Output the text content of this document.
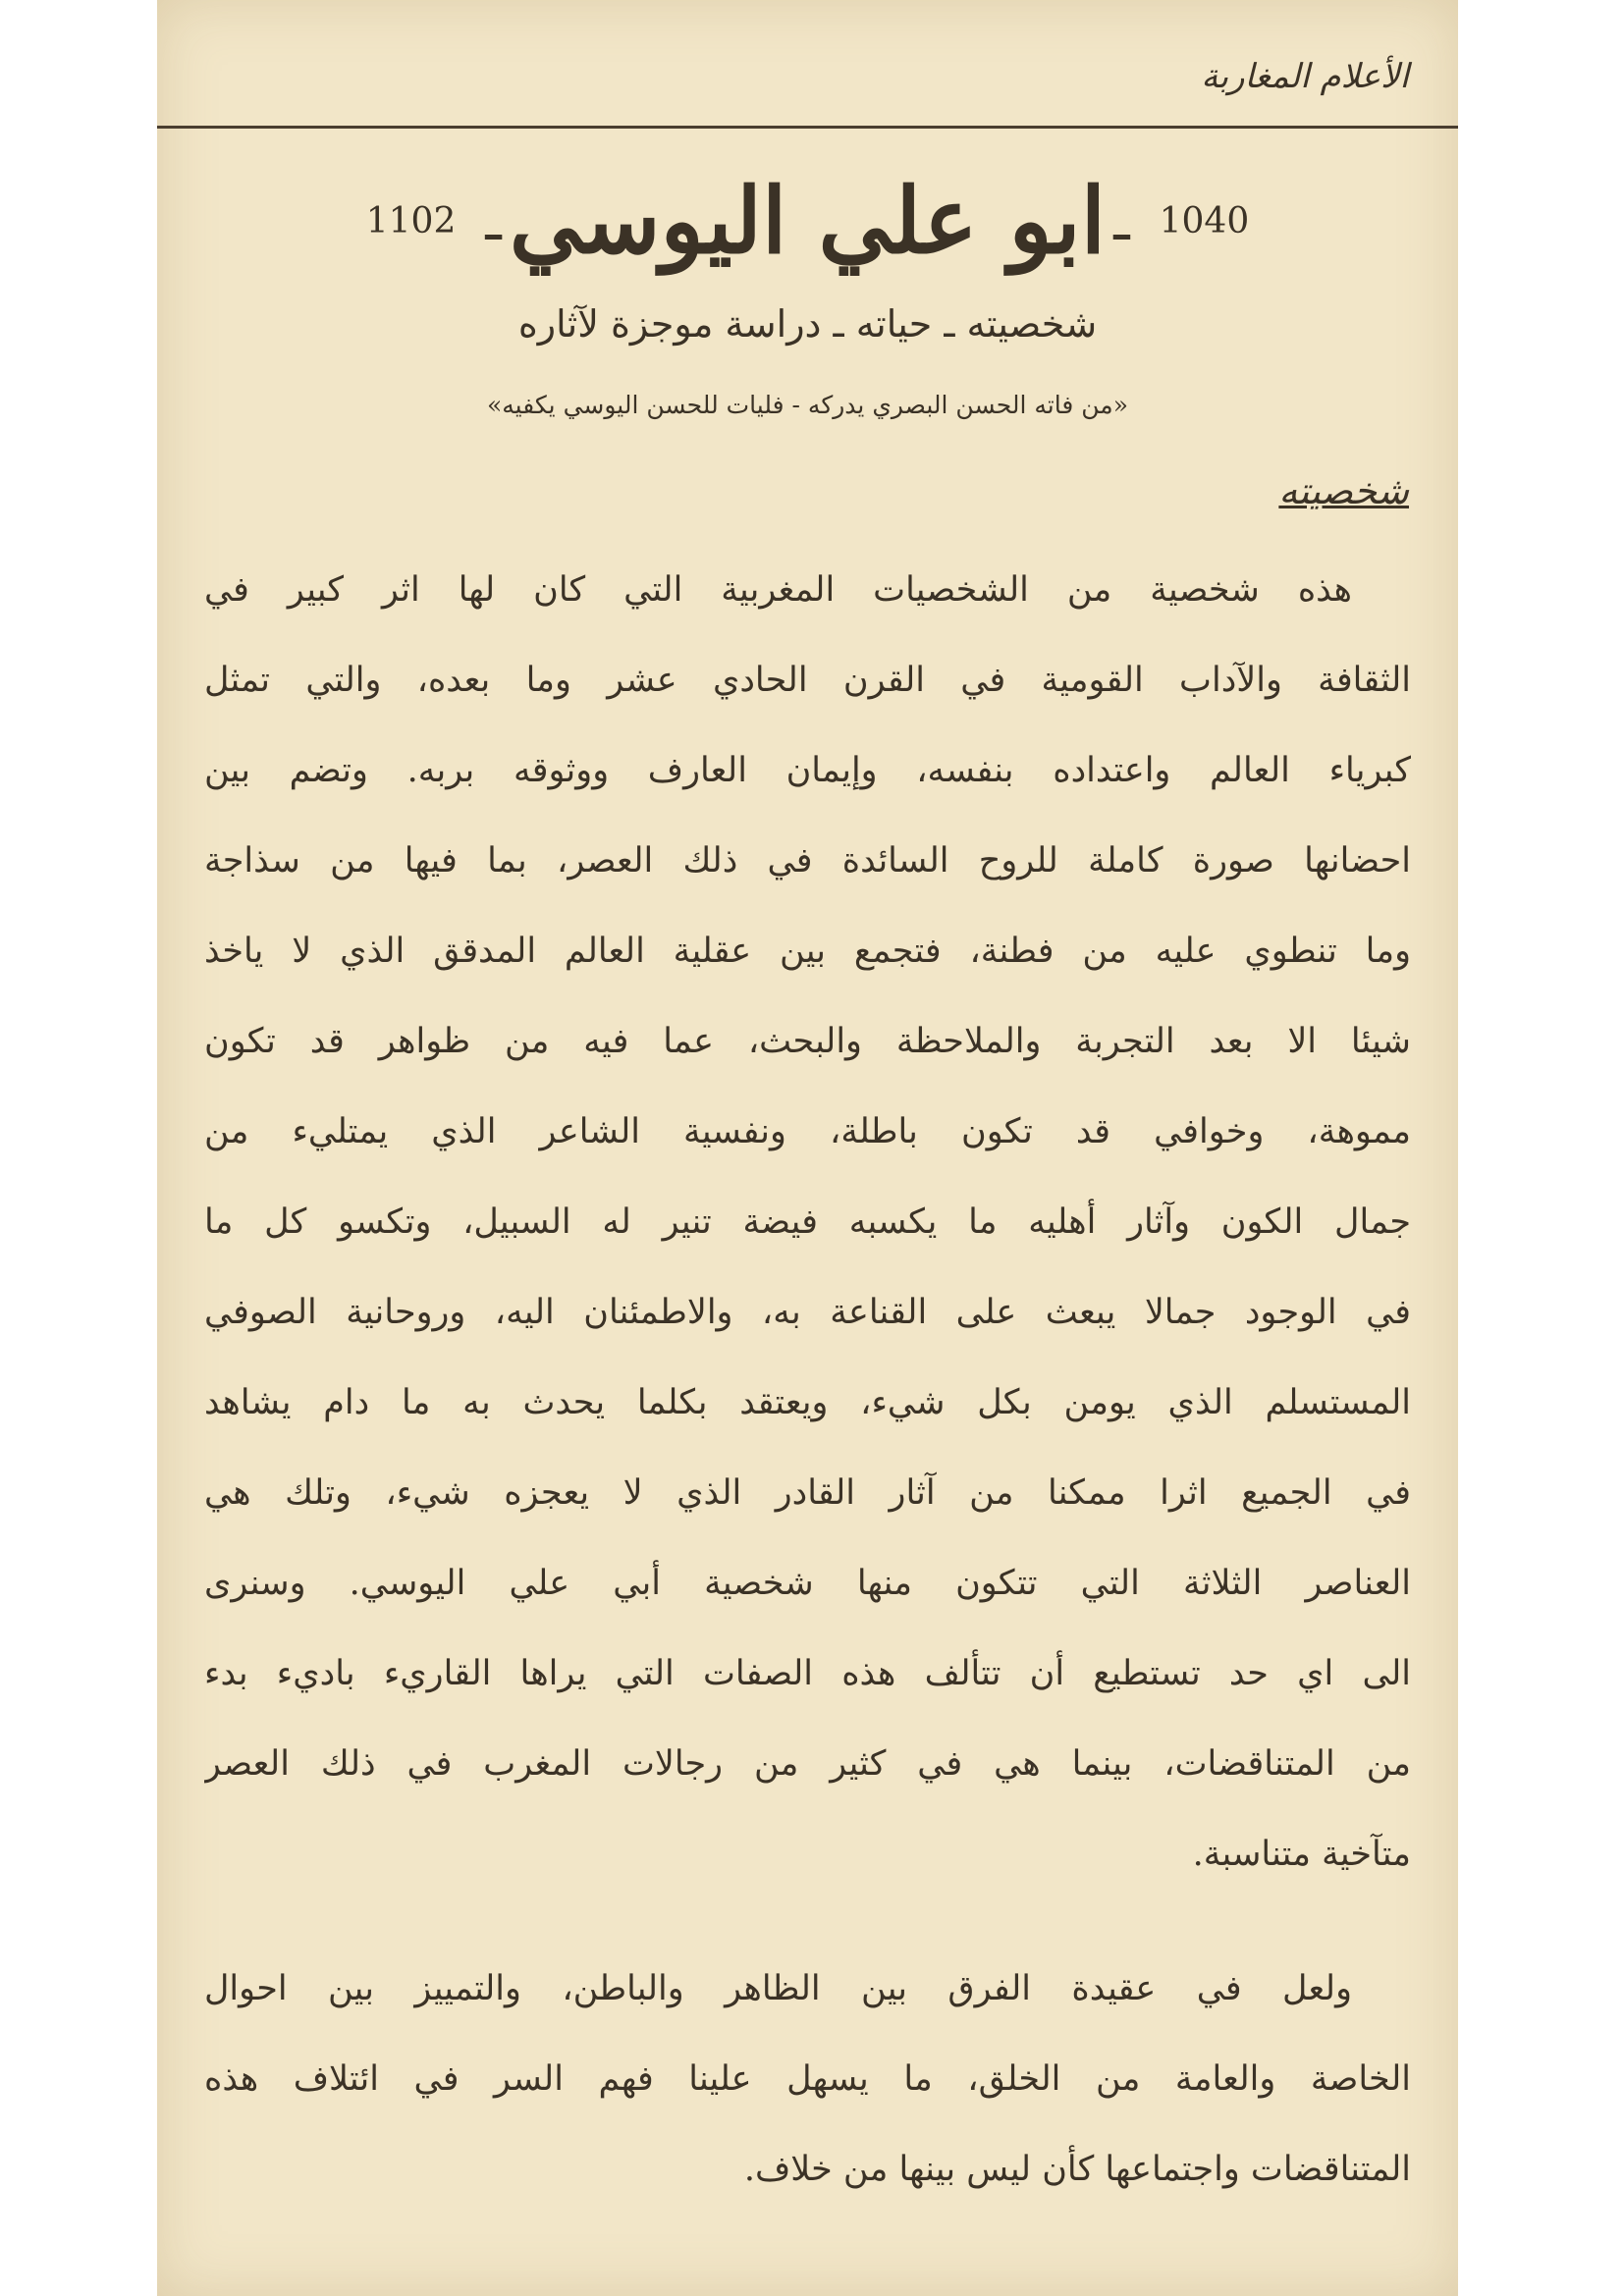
الأعلام المغاربة
1040
ـ
ابو علي اليوسي
ـ
1102
شخصيته ـ حياته ـ دراسة موجزة لآثاره
«من فاته الحسن البصري يدركه - فليات للحسن اليوسي يكفيه»
شخصيته
هذه شخصية من الشخصيات المغربية التي كان لها اثر كبير في
الثقافة والآداب القومية في القرن الحادي عشر وما بعده، والتي تمثل
كبرياء العالم واعتداده بنفسه، وإيمان العارف ووثوقه بربه. وتضم بين
احضانها صورة كاملة للروح السائدة في ذلك العصر، بما فيها من سذاجة
وما تنطوي عليه من فطنة، فتجمع بين عقلية العالم المدقق الذي لا ياخذ
شيئا الا بعد التجربة والملاحظة والبحث، عما فيه من ظواهر قد تكون
مموهة، وخوافي قد تكون باطلة، ونفسية الشاعر الذي يمتليء من
جمال الكون وآثار أهليه ما يكسبه فيضة تنير له السبيل، وتكسو كل ما
في الوجود جمالا يبعث على القناعة به، والاطمئنان اليه، وروحانية الصوفي
المستسلم الذي يومن بكل شيء، ويعتقد بكلما يحدث به ما دام يشاهد
في الجميع اثرا ممكنا من آثار القادر الذي لا يعجزه شيء، وتلك هي
العناصر الثلاثة التي تتكون منها شخصية أبي علي اليوسي. وسنرى
الى اي حد تستطيع أن تتألف هذه الصفات التي يراها القاريء باديء بدء
من المتناقضات، بينما هي في كثير من رجالات المغرب في ذلك العصر
متآخية متناسبة.
ولعل في عقيدة الفرق بين الظاهر والباطن، والتمييز بين احوال
الخاصة والعامة من الخلق، ما يسهل علينا فهم السر في ائتلاف هذه
المتناقضات واجتماعها كأن ليس بينها من خلاف.
